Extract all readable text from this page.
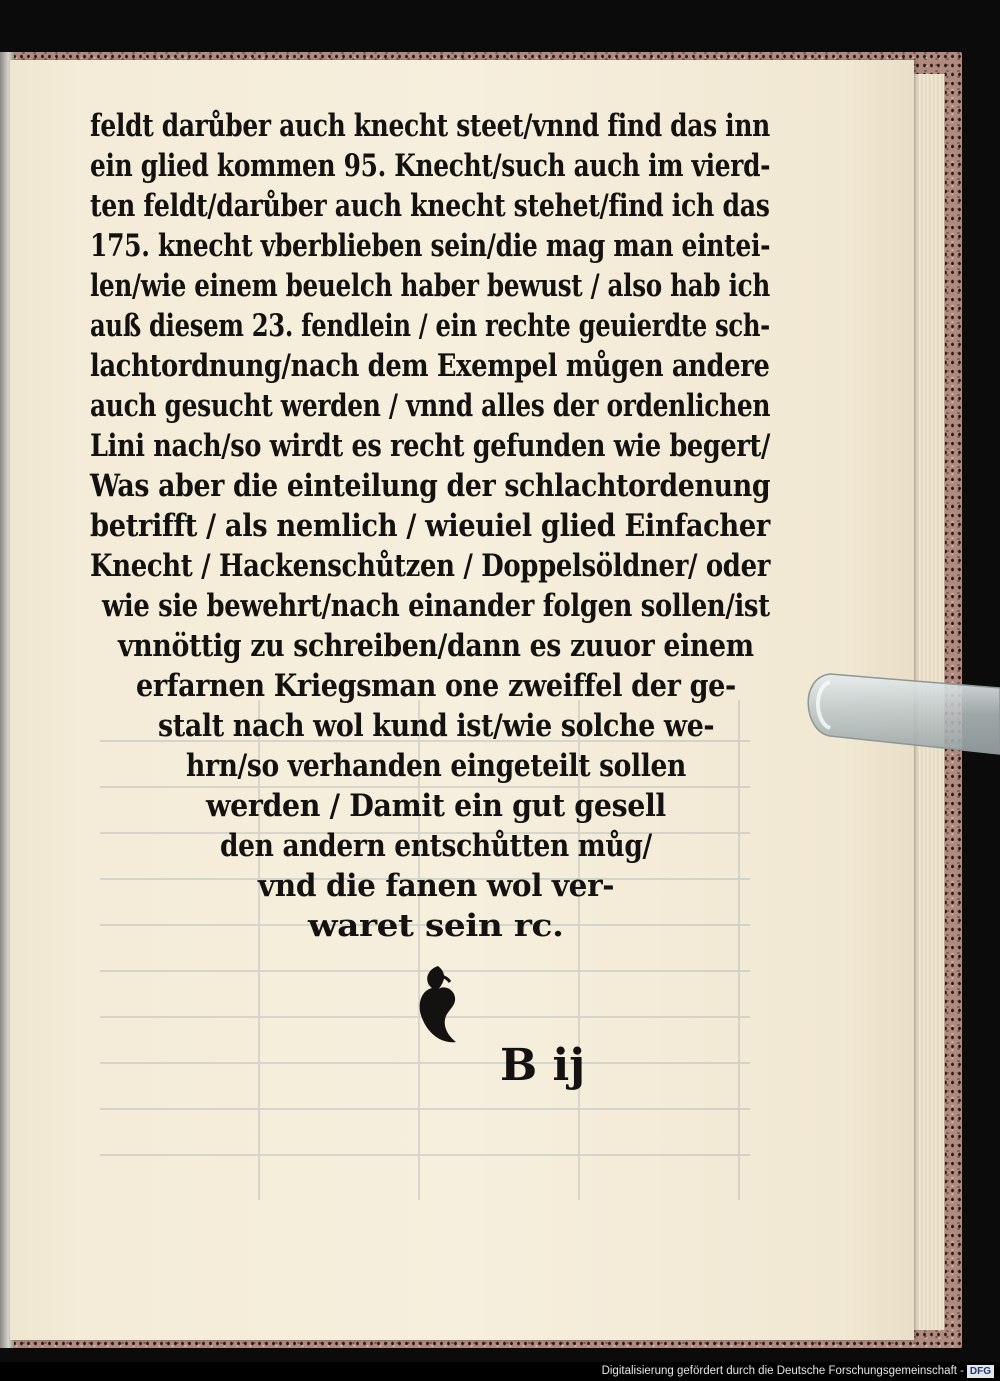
feldt darůber auch knecht steet/vnnd find das inn
ein glied kommen 95. Knecht/such auch im vierd-
ten feldt/darůber auch knecht stehet/find ich das
175. knecht vberblieben sein/die mag man eintei-
len/wie einem beuelch haber bewust / also hab ich
auß diesem 23. fendlein / ein rechte geuierdte sch-
lachtordnung/nach dem Exempel můgen andere
auch gesucht werden / vnnd alles der ordenlichen
Lini nach/so wirdt es recht gefunden wie begert/
Was aber die einteilung der schlachtordenung
betrifft / als nemlich / wieuiel glied Einfacher
Knecht / Hackenschůtzen / Doppelsöldner/ oder
wie sie bewehrt/nach einander folgen sollen/ist
vnnöttig zu schreiben/dann es zuuor einem
erfarnen Kriegsman one zweiffel der ge-
stalt nach wol kund ist/wie solche we-
hrn/so verhanden eingeteilt sollen
werden / Damit ein gut gesell
den andern entschůtten můg/
vnd die fanen wol ver-
waret sein rc.
B ij
Digitalisierung gefördert durch die Deutsche Forschungsgemeinschaft - DFG
